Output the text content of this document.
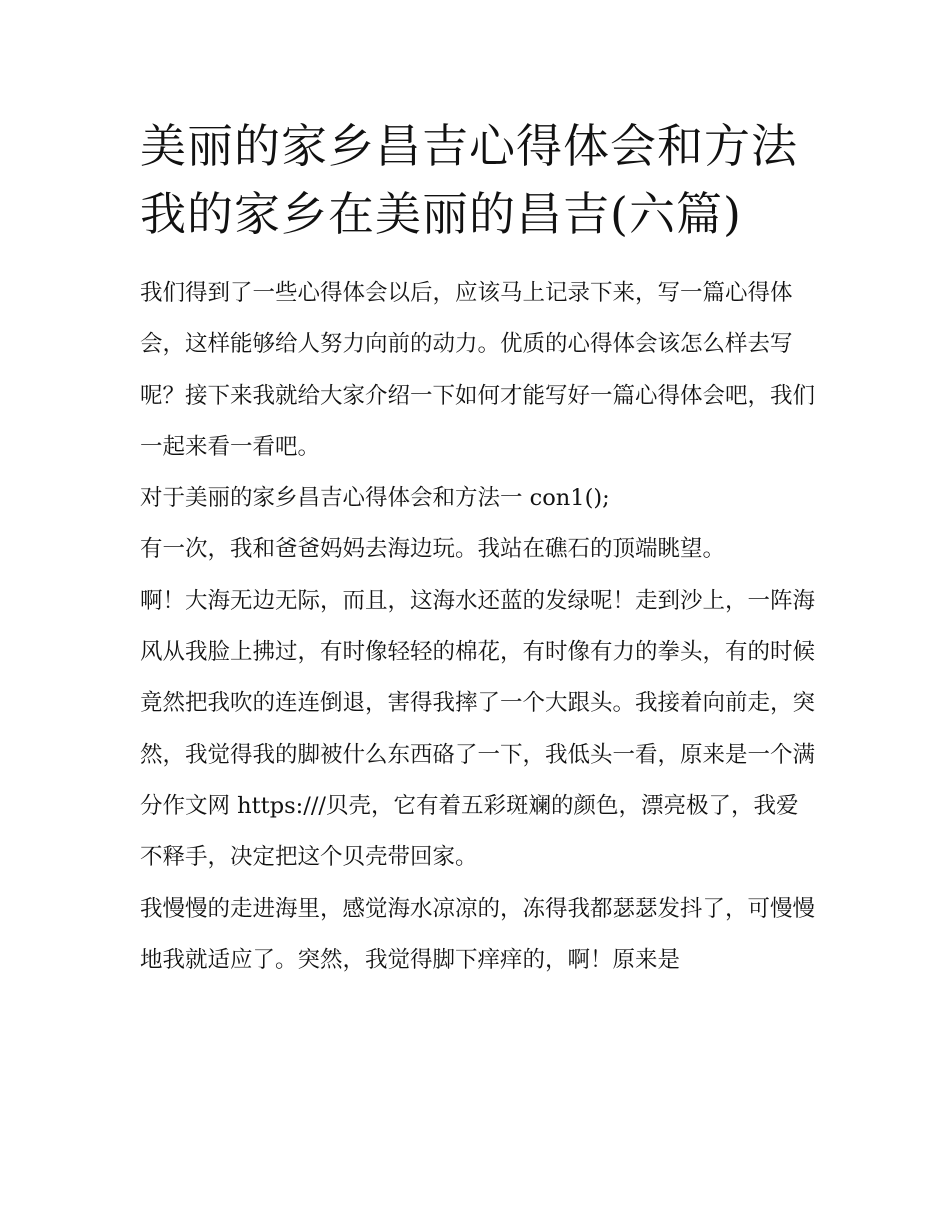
美丽的家乡昌吉心得体会和方法 我的家乡在美丽的昌吉(六篇)

我们得到了一些心得体会以后，应该马上记录下来，写一篇心得体会，这样能够给人努力向前的动力。优质的心得体会该怎么样去写呢？接下来我就给大家介绍一下如何才能写好一篇心得体会吧，我们一起来看一看吧。

对于美丽的家乡昌吉心得体会和方法一 con1();

有一次，我和爸爸妈妈去海边玩。我站在礁石的顶端眺望。

啊！大海无边无际，而且，这海水还蓝的发绿呢！走到沙上，一阵海风从我脸上拂过，有时像轻轻的棉花，有时像有力的拳头，有的时候竟然把我吹的连连倒退，害得我摔了一个大跟头。我接着向前走，突然，我觉得我的脚被什么东西硌了一下，我低头一看，原来是一个满分作文网 https:///贝壳，它有着五彩斑斓的颜色，漂亮极了，我爱不释手，决定把这个贝壳带回家。

我慢慢的走进海里，感觉海水凉凉的，冻得我都瑟瑟发抖了，可慢慢地我就适应了。突然，我觉得脚下痒痒的，啊！原来是
